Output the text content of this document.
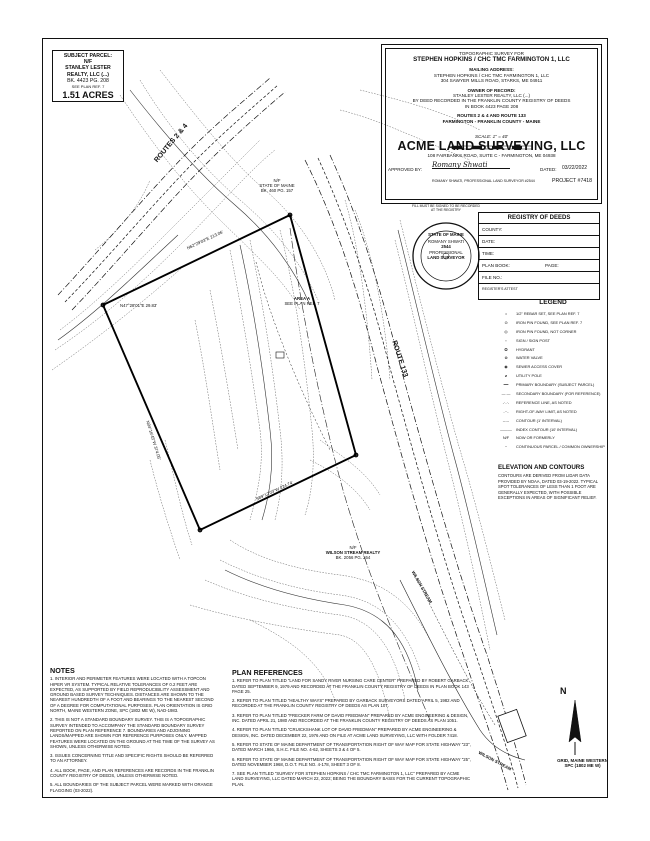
ROUTES 2 & 4
ROUTE 133
N/F
STATE OF MAINE
BK. 460 PG. 157
N/F
WILSON STREAM REALTY
BK. 2056 PG. 264
AREA A
SEE PLAN REF. 7
N62°29'03"E 213.06'
N47°28'01"E 29.83'
S89°12'03"W 224.74'
N04°16'45"W 374.05'
WILSON STREAM
WILSON STREAM
SUBJECT PARCEL:
N/F
STANLEY LESTER
REALTY, LLC (...)
BK. 4423 PG. 208
SEE PLAN REF. 7
1.51 ACRES
TOPOGRAPHIC SURVEY FOR
STEPHEN HOPKINS / CHC TMC FARMINGTON 1, LLC
MAILING ADDRESS:
STEPHEN HOPKINS / CHC TMC FARMINGTON 1, LLC
304 SAWYER MILLS ROAD, STARKS, ME 04911
OWNER OF RECORD:
STANLEY LESTER REALTY, LLC (...)
BY DEED RECORDED IN THE FRANKLIN COUNTY REGISTRY OF DEEDS
IN BOOK 4423 PAGE 208
ROUTES 2 & 4 AND ROUTE 133
FARMINGTON - FRANKLIN COUNTY - MAINE
SCALE: 1" = 40'
ACME LAND SURVEYING, LLC
108 FAIRBANKS ROAD, SUITE C - FARMINGTON, ME 04938
APPROVED BY:
Romany Shwati
DATED: 03/22/2022
ROMANY SHWATI, PROFESSIONAL LAND SURVEYOR #2544	PROJECT #7418
STATE OF MAINE
ROMANY SHWATI
2544
PROFESSIONAL
LAND SURVEYOR
FILL MUST BE SIGNED TO BE RECORDED AT THE REGISTRY
REGISTRY OF DEEDS
COUNTY:
DATE:
TIME:
PLAN BOOK:	PAGE:
FILE NO.:
REGISTER'S ATTEST
LEGEND
•	1/2" REBAR SET, SEE PLAN REF. 7
⊙	IRON PIN FOUND, SEE PLAN REF. 7
◎	IRON PIN FOUND, NOT CORNER
▫	SIGN / SIGN POST
✪	HYDRANT
⊗	WATER VALVE
◉	SEWER ACCESS COVER
ø	UTILITY POLE
━━	PRIMARY BOUNDARY (SUBJECT PARCEL)
— —	SECONDARY BOUNDARY (FOR REFERENCE)
-·-·-	REFERENCE LINE, AS NOTED
-··-	RIGHT-OF-WAY LIMIT, AS NOTED
-----	CONTOUR (1' INTERVAL)
———	INDEX CONTOUR (10' INTERVAL)
N/F	NOW OR FORMERLY
~	CONTINUOUS PARCEL / COMMON OWNERSHIP
ELEVATION AND CONTOURS
CONTOURS ARE DERIVED FROM LIDAR DATA PROVIDED BY NOAA, DATED 03-19-2022. TYPICAL SPOT TOLERANCES OF LESS THAN 1 FOOT ARE GENERALLY EXPECTED, WITH POSSIBLE EXCEPTIONS IN AREAS OF SIGNIFICANT RELIEF.
NOTES

1. INTERIOR AND PERIMETER FEATURES WERE LOCATED WITH A TOPCON HIPER VR SYSTEM. TYPICAL RELATIVE TOLERANCES OF 0.2 FEET ARE EXPECTED, AS SUPPORTED BY FIELD REPRODUCIBILITY ASSESSMENT AND GROUND BASED SURVEY TECHNIQUES. DISTANCES ARE SHOWN TO THE NEAREST HUNDREDTH OF A FOOT AND BEARINGS TO THE NEAREST SECOND OF A DEGREE FOR COMPUTATIONAL PURPOSES. PLAN ORIENTATION IS GRID NORTH, MAINE WESTERN ZONE, SPC (1802 ME W), NAD-1983.

2. THIS IS NOT A STANDARD BOUNDARY SURVEY. THIS IS A TOPOGRAPHIC SURVEY INTENDED TO ACCOMPANY THE STANDARD BOUNDARY SURVEY REPORTED ON PLAN REFERENCE 7. BOUNDARIES AND ADJOINING LANDS/MAPPED ARE SHOWN FOR REFERENCE PURPOSES ONLY. MAPPED FEATURES WERE LOCATED ON THE GROUND AT THE TIME OF THE SURVEY AS SHOWN, UNLESS OTHERWISE NOTED.

3. ISSUES CONCERNING TITLE AND SPECIFIC RIGHTS SHOULD BE REFERRED TO AN ATTORNEY.

4. ALL BOOK, PAGE, AND PLAN REFERENCES ARE RECORDS IN THE FRANKLIN COUNTY REGISTRY OF DEEDS, UNLESS OTHERWISE NOTED.

5. ALL BOUNDARIES OF THE SUBJECT PARCEL WERE MARKED WITH ORANGE FLAGGING (03-2022).

PLAN REFERENCES

1. REFER TO PLAN TITLED "LAND FOR SANDY RIVER NURSING CARE CENTER" PREPARED BY ROBERT GARBACK DATED SEPTEMBER 9, 1979 AND RECORDED AT THE FRANKLIN COUNTY REGISTRY OF DEEDS IN PLAN BOOK 143 PAGE 25.

2. REFER TO PLAN TITLED "HEALTHY WAYS" PREPARED BY GARBACK SURVEYORS DATED APRIL 5, 1982 AND RECORDED AT THE FRANKLIN COUNTY REGISTRY OF DEEDS AS PLAN 107.

3. REFER TO PLAN TITLED "FRECKER FARM OF DAVID FRIEDMAN" PREPARED BY ACME ENGINEERING & DESIGN, INC. DATED APRIL 21, 1980 AND RECORDED AT THE FRANKLIN COUNTY REGISTRY OF DEEDS AS PLAN 1051.

4. REFER TO PLAN TITLED "CRUICKSHANK LOT OF DAVID FRIEDMAN" PREPARED BY ACME ENGINEERING & DESIGN, INC. DATED DECEMBER 22, 1976 AND ON FILE AT ACME LAND SURVEYING, LLC WITH FOLDER 7418.

5. REFER TO STATE OF MAINE DEPARTMENT OF TRANSPORTATION RIGHT OF WAY MAP FOR STATE HIGHWAY "23", DATED MARCH 1966, S.H.C. FILE NO. 4-62, SHEETS 3 & 4 OF 5.

6. REFER TO STATE OF MAINE DEPARTMENT OF TRANSPORTATION RIGHT OF WAY MAP FOR STATE HIGHWAY "25", DATED NOVEMBER 1968, D.O.T. FILE NO. 4-178, SHEET 3 OF 8.

7. SEE PLAN TITLED "SURVEY FOR STEPHEN HOPKINS / CHC TMC FARMINGTON 1, LLC" PREPARED BY ACME LAND SURVEYING, LLC DATED MARCH 22, 2022; BEING THE BOUNDARY BASIS FOR THE CURRENT TOPOGRAPHIC PLAN.

N
GRID, MAINE WESTERN
SPC (1802 ME W)
